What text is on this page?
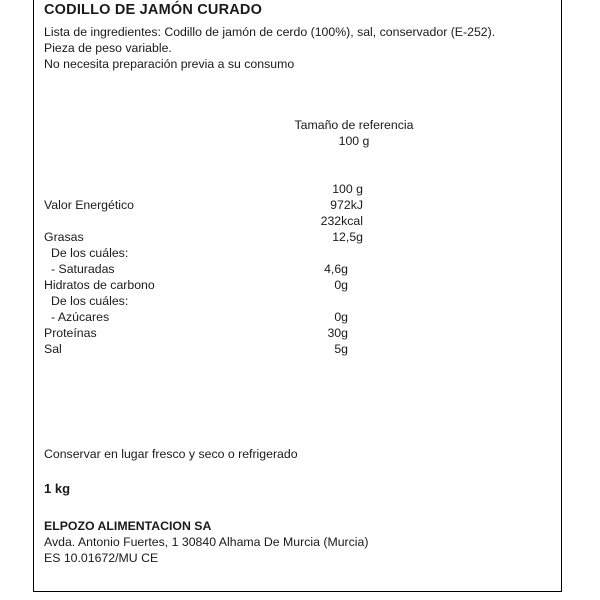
CODILLO DE JAMÓN CURADO

Lista de ingredientes: Codillo de jamón de cerdo (100%), sal, conservador (E-252).

Pieza de peso variable.

No necesita preparación previa a su consumo

Tamaño de referencia
100 g
100 g
Valor Energético	972kJ
232kcal
Grasas	12,5g
De los cuáles:
- Saturadas	4,6g
Hidratos de carbono	0g
De los cuáles:
- Azúcares	0g
Proteínas	30g
Sal	5g
Conservar en lugar fresco y seco o refrigerado
1 kg
ELPOZO ALIMENTACION SA
Avda. Antonio Fuertes, 1 30840 Alhama De Murcia (Murcia)
ES 10.01672/MU CE
